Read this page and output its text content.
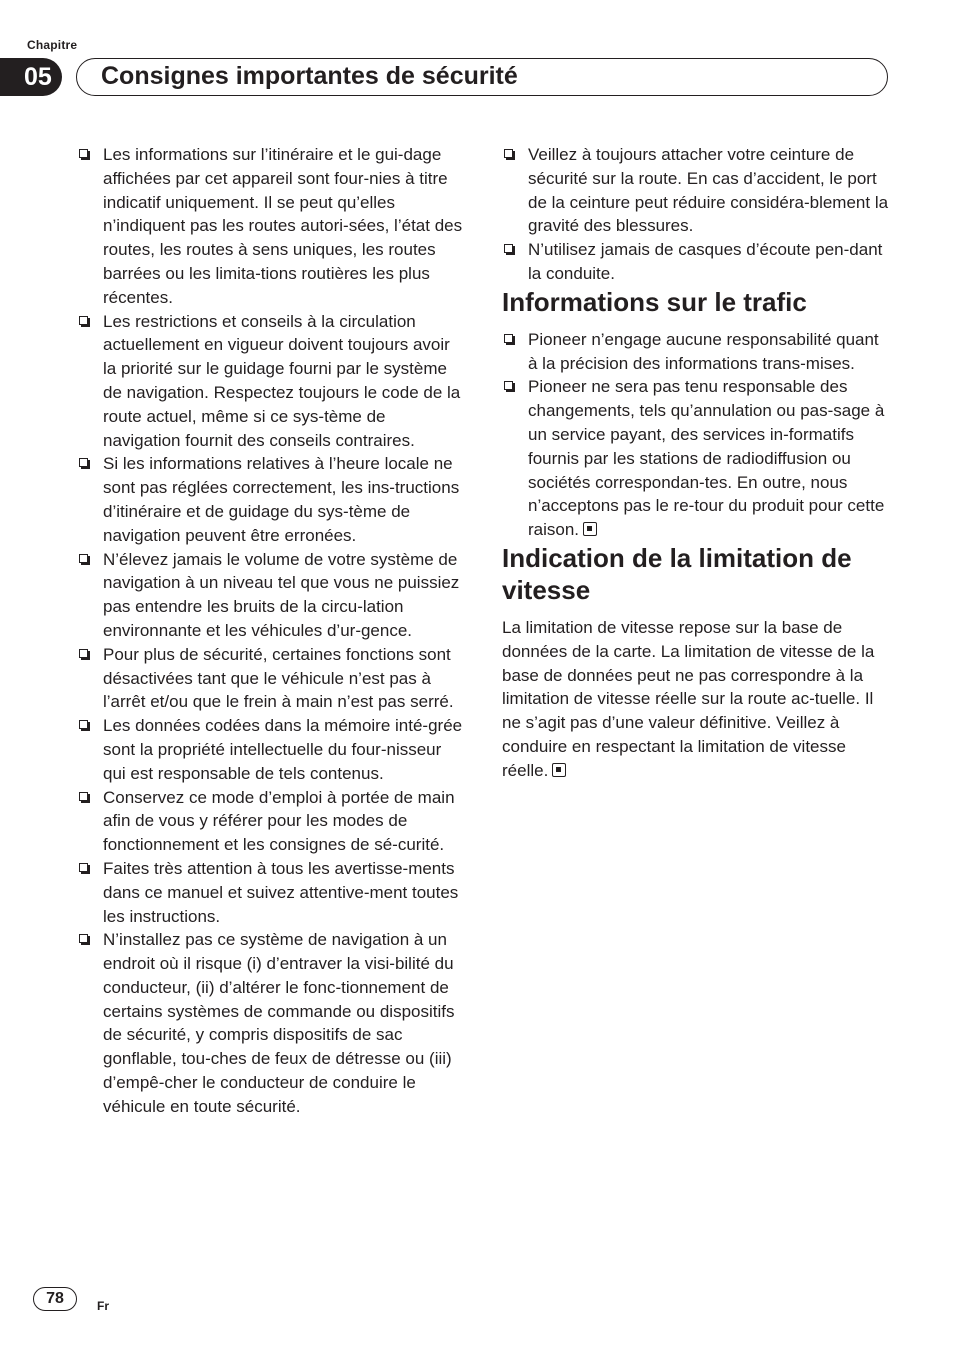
Chapitre
05	Consignes importantes de sécurité
Les informations sur l’itinéraire et le gui-dage affichées par cet appareil sont four-nies à titre indicatif uniquement. Il se peut qu’elles n’indiquent pas les routes autori-sées, l’état des routes, les routes à sens uniques, les routes barrées ou les limita-tions routières les plus récentes.
Les restrictions et conseils à la circulation actuellement en vigueur doivent toujours avoir la priorité sur le guidage fourni par le système de navigation. Respectez toujours le code de la route actuel, même si ce sys-tème de navigation fournit des conseils contraires.
Si les informations relatives à l’heure locale ne sont pas réglées correctement, les ins-tructions d’itinéraire et de guidage du sys-tème de navigation peuvent être erronées.
N’élevez jamais le volume de votre système de navigation à un niveau tel que vous ne puissiez pas entendre les bruits de la circu-lation environnante et les véhicules d’ur-gence.
Pour plus de sécurité, certaines fonctions sont désactivées tant que le véhicule n’est pas à l’arrêt et/ou que le frein à main n’est pas serré.
Les données codées dans la mémoire inté-grée sont la propriété intellectuelle du four-nisseur qui est responsable de tels contenus.
Conservez ce mode d’emploi à portée de main afin de vous y référer pour les modes de fonctionnement et les consignes de sé-curité.
Faites très attention à tous les avertisse-ments dans ce manuel et suivez attentive-ment toutes les instructions.
N’installez pas ce système de navigation à un endroit où il risque (i) d’entraver la visi-bilité du conducteur, (ii) d’altérer le fonc-tionnement de certains systèmes de commande ou dispositifs de sécurité, y compris dispositifs de sac gonflable, tou-ches de feux de détresse ou (iii) d’empê-cher le conducteur de conduire le véhicule en toute sécurité.
Veillez à toujours attacher votre ceinture de sécurité sur la route. En cas d’accident, le port de la ceinture peut réduire considéra-blement la gravité des blessures.
N’utilisez jamais de casques d’écoute pen-dant la conduite.
Informations sur le trafic
Pioneer n’engage aucune responsabilité quant à la précision des informations trans-mises.
Pioneer ne sera pas tenu responsable des changements, tels qu’annulation ou pas-sage à un service payant, des services in-formatifs fournis par les stations de radiodiffusion ou sociétés correspondan-tes. En outre, nous n’acceptons pas le re-tour du produit pour cette raison.
Indication de la limitation de vitesse

La limitation de vitesse repose sur la base de données de la carte. La limitation de vitesse de la base de données peut ne pas correspondre à la limitation de vitesse réelle sur la route ac-tuelle. Il ne s’agit pas d’une valeur définitive. Veillez à conduire en respectant la limitation de vitesse réelle.

78	Fr
